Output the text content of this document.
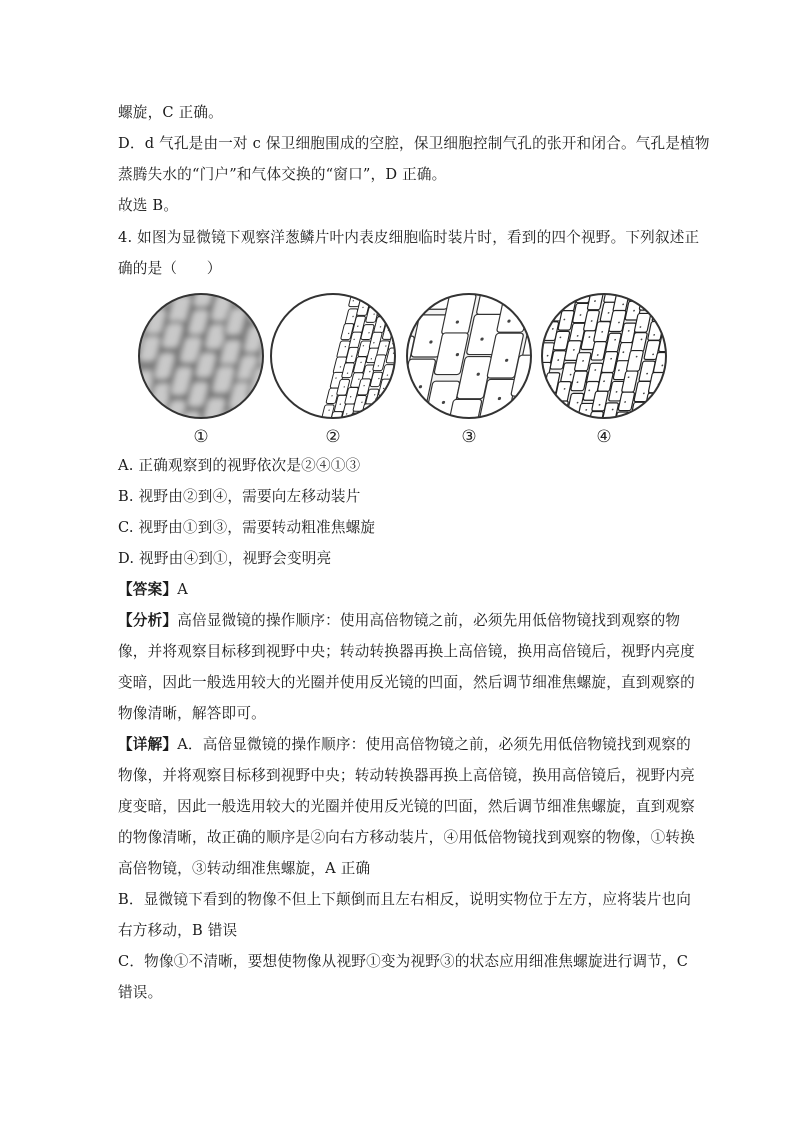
螺旋，C 正确。
D．d 气孔是由一对 c 保卫细胞围成的空腔，保卫细胞控制气孔的张开和闭合。气孔是植物
蒸腾失水的“门户”和气体交换的“窗口”，D 正确。
故选 B。
4. 如图为显微镜下观察洋葱鳞片叶内表皮细胞临时装片时，看到的四个视野。下列叙述正
确的是（　　）
A. 正确观察到的视野依次是②④①③
B. 视野由②到④，需要向左移动装片
C. 视野由①到③，需要转动粗准焦螺旋
D. 视野由④到①，视野会变明亮
【答案】A
【分析】高倍显微镜的操作顺序：使用高倍物镜之前，必须先用低倍物镜找到观察的物
像，并将观察目标移到视野中央；转动转换器再换上高倍镜，换用高倍镜后，视野内亮度
变暗，因此一般选用较大的光圈并使用反光镜的凹面，然后调节细准焦螺旋，直到观察的
物像清晰，解答即可。
【详解】A．高倍显微镜的操作顺序：使用高倍物镜之前，必须先用低倍物镜找到观察的
物像，并将观察目标移到视野中央；转动转换器再换上高倍镜，换用高倍镜后，视野内亮
度变暗，因此一般选用较大的光圈并使用反光镜的凹面，然后调节细准焦螺旋，直到观察
的物像清晰，故正确的顺序是②向右方移动装片，④用低倍物镜找到观察的物像，①转换
高倍物镜，③转动细准焦螺旋，A 正确
B．显微镜下看到的物像不但上下颠倒而且左右相反，说明实物位于左方，应将装片也向
右方移动，B 错误
C．物像①不清晰，要想使物像从视野①变为视野③的状态应用细准焦螺旋进行调节，C
错误。
①	②	③	④
